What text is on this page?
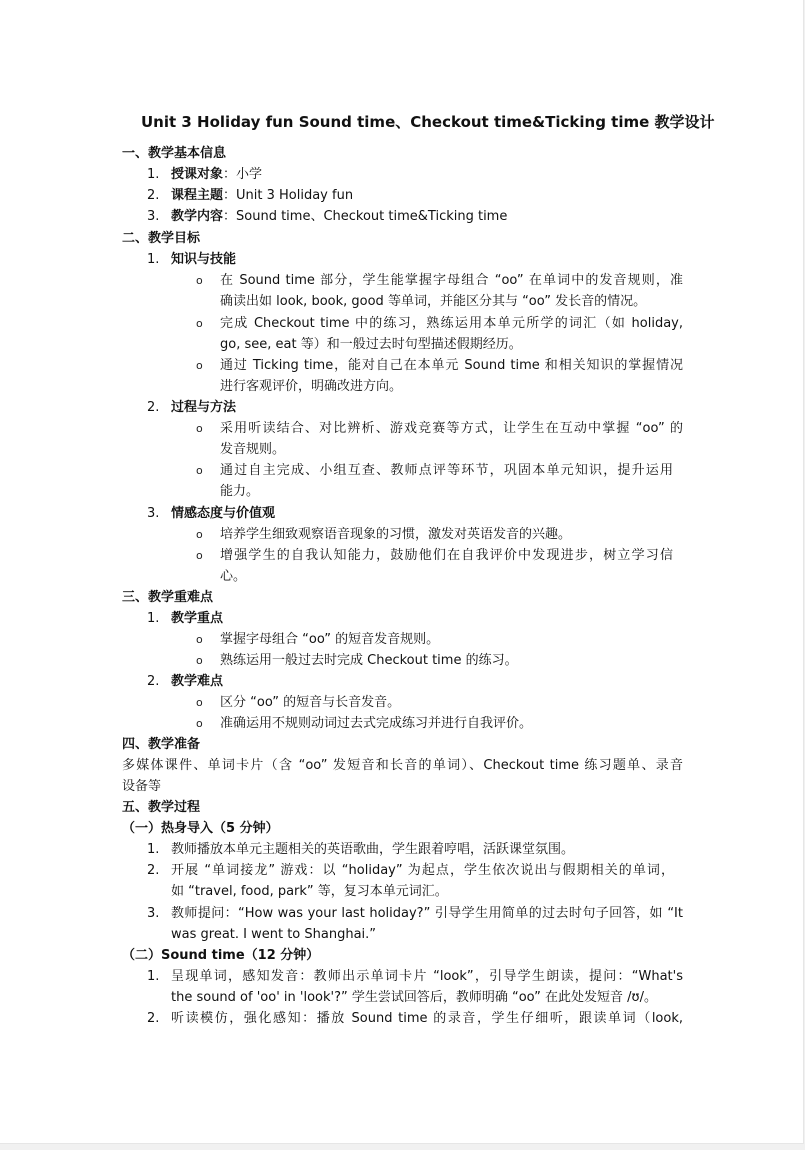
Unit 3 Holiday fun Sound time、Checkout time&Ticking time 教学设计
一、教学基本信息
1. 授课对象：小学
2. 课程主题：Unit 3 Holiday fun
3. 教学内容：Sound time、Checkout time&Ticking time
二、教学目标
1. 知识与技能
o 在 Sound time 部分，学生能掌握字母组合 “oo” 在单词中的发音规则，准
确读出如 look, book, good 等单词，并能区分其与 “oo” 发长音的情况。
o 完成 Checkout time 中的练习，熟练运用本单元所学的词汇（如 holiday,
go, see, eat 等）和一般过去时句型描述假期经历。
o 通过 Ticking time，能对自己在本单元 Sound time 和相关知识的掌握情况
进行客观评价，明确改进方向。
2. 过程与方法
o 采用听读结合、对比辨析、游戏竞赛等方式，让学生在互动中掌握 “oo” 的
发音规则。
o 通过自主完成、小组互查、教师点评等环节，巩固本单元知识，提升运用
能力。
3. 情感态度与价值观
o 培养学生细致观察语音现象的习惯，激发对英语发音的兴趣。
o 增强学生的自我认知能力，鼓励他们在自我评价中发现进步，树立学习信
心。
三、教学重难点
1. 教学重点
o 掌握字母组合 “oo” 的短音发音规则。
o 熟练运用一般过去时完成 Checkout time 的练习。
2. 教学难点
o 区分 “oo” 的短音与长音发音。
o 准确运用不规则动词过去式完成练习并进行自我评价。
四、教学准备
多媒体课件、单词卡片（含 “oo” 发短音和长音的单词）、Checkout time 练习题单、录音
设备等
五、教学过程
（一）热身导入（5 分钟）
1. 教师播放本单元主题相关的英语歌曲，学生跟着哼唱，活跃课堂氛围。
2. 开展 “单词接龙” 游戏：以 “holiday” 为起点，学生依次说出与假期相关的单词，
如 “travel, food, park” 等，复习本单元词汇。
3. 教师提问：“How was your last holiday?” 引导学生用简单的过去时句子回答，如 “It
was great. I went to Shanghai.”
（二）Sound time（12 分钟）
1. 呈现单词，感知发音：教师出示单词卡片 “look”，引导学生朗读，提问：“What's
the sound of 'oo' in 'look'?” 学生尝试回答后，教师明确 “oo” 在此处发短音 /ʊ/。
2. 听读模仿，强化感知：播放 Sound time 的录音，学生仔细听，跟读单词（look,
